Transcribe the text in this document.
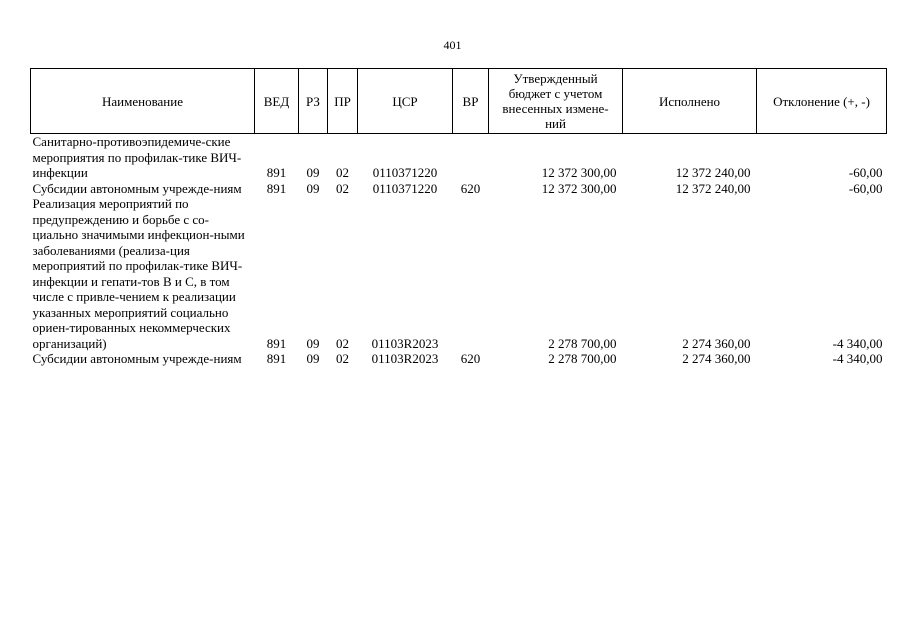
401
Наименование	ВЕД	РЗ	ПР	ЦСР	ВР	Утвержденный бюджет с учетом внесенных измене-ний	Исполнено	Отклонение (+, -)
Санитарно-противоэпидемиче-ские мероприятия по профилак-тике ВИЧ-инфекции	891	09	02	0110371220		12 372 300,00	12 372 240,00	-60,00
Субсидии автономным учрежде-ниям	891	09	02	0110371220	620	12 372 300,00	12 372 240,00	-60,00
Реализация мероприятий по предупреждению и борьбе с со-циально значимыми инфекцион-ными заболеваниями (реализа-ция мероприятий по профилак-тике ВИЧ-инфекции и гепати-тов B и C, в том числе с привле-чением к реализации указанных мероприятий социально ориен-тированных некоммерческих организаций)	891	09	02	01103R2023		2 278 700,00	2 274 360,00	-4 340,00
Субсидии автономным учрежде-ниям	891	09	02	01103R2023	620	2 278 700,00	2 274 360,00	-4 340,00
